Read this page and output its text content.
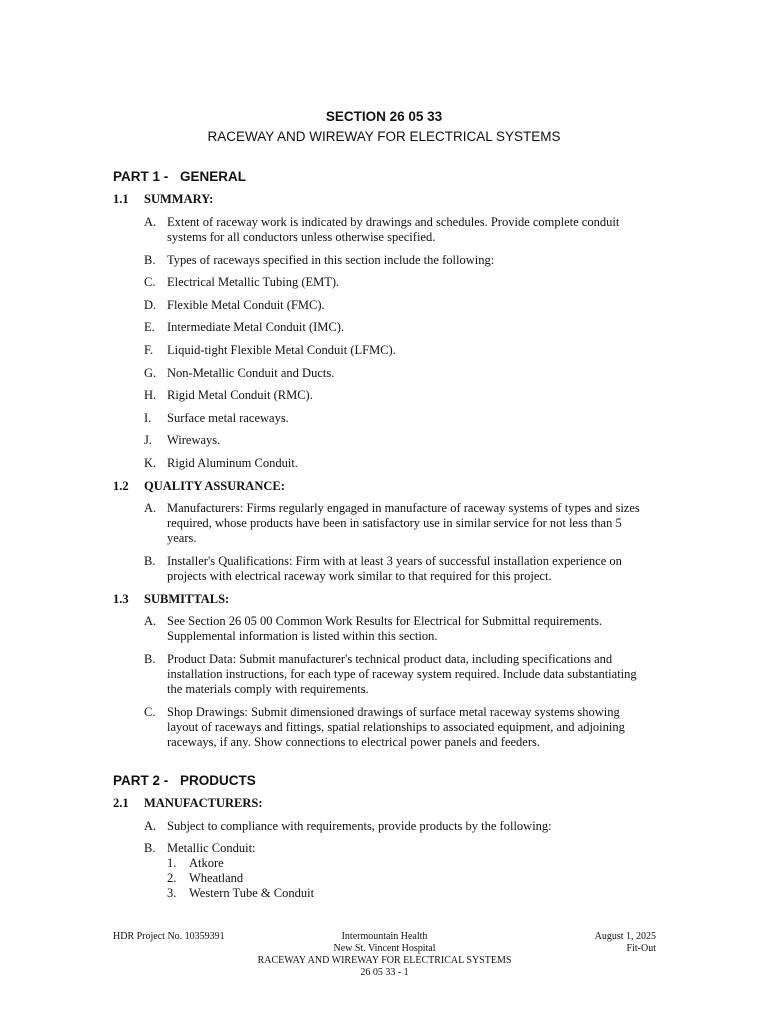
SECTION 26 05 33
RACEWAY AND WIREWAY FOR ELECTRICAL SYSTEMS
PART 1 - GENERAL
1.1 SUMMARY:
A. Extent of raceway work is indicated by drawings and schedules. Provide complete conduit systems for all conductors unless otherwise specified.
B. Types of raceways specified in this section include the following:
C. Electrical Metallic Tubing (EMT).
D. Flexible Metal Conduit (FMC).
E. Intermediate Metal Conduit (IMC).
F. Liquid-tight Flexible Metal Conduit (LFMC).
G. Non-Metallic Conduit and Ducts.
H. Rigid Metal Conduit (RMC).
I. Surface metal raceways.
J. Wireways.
K. Rigid Aluminum Conduit.
1.2 QUALITY ASSURANCE:
A. Manufacturers: Firms regularly engaged in manufacture of raceway systems of types and sizes required, whose products have been in satisfactory use in similar service for not less than 5 years.
B. Installer's Qualifications: Firm with at least 3 years of successful installation experience on projects with electrical raceway work similar to that required for this project.
1.3 SUBMITTALS:
A. See Section 26 05 00 Common Work Results for Electrical for Submittal requirements. Supplemental information is listed within this section.
B. Product Data: Submit manufacturer's technical product data, including specifications and installation instructions, for each type of raceway system required. Include data substantiating the materials comply with requirements.
C. Shop Drawings: Submit dimensioned drawings of surface metal raceway systems showing layout of raceways and fittings, spatial relationships to associated equipment, and adjoining raceways, if any. Show connections to electrical power panels and feeders.
PART 2 - PRODUCTS
2.1 MANUFACTURERS:
A. Subject to compliance with requirements, provide products by the following:
B. Metallic Conduit:
1. Atkore
2. Wheatland
3. Western Tube & Conduit
HDR Project No. 10359391	Intermountain Health
New St. Vincent Hospital
RACEWAY AND WIREWAY FOR ELECTRICAL SYSTEMS
26 05 33 - 1
August 1, 2025
Fit-Out
